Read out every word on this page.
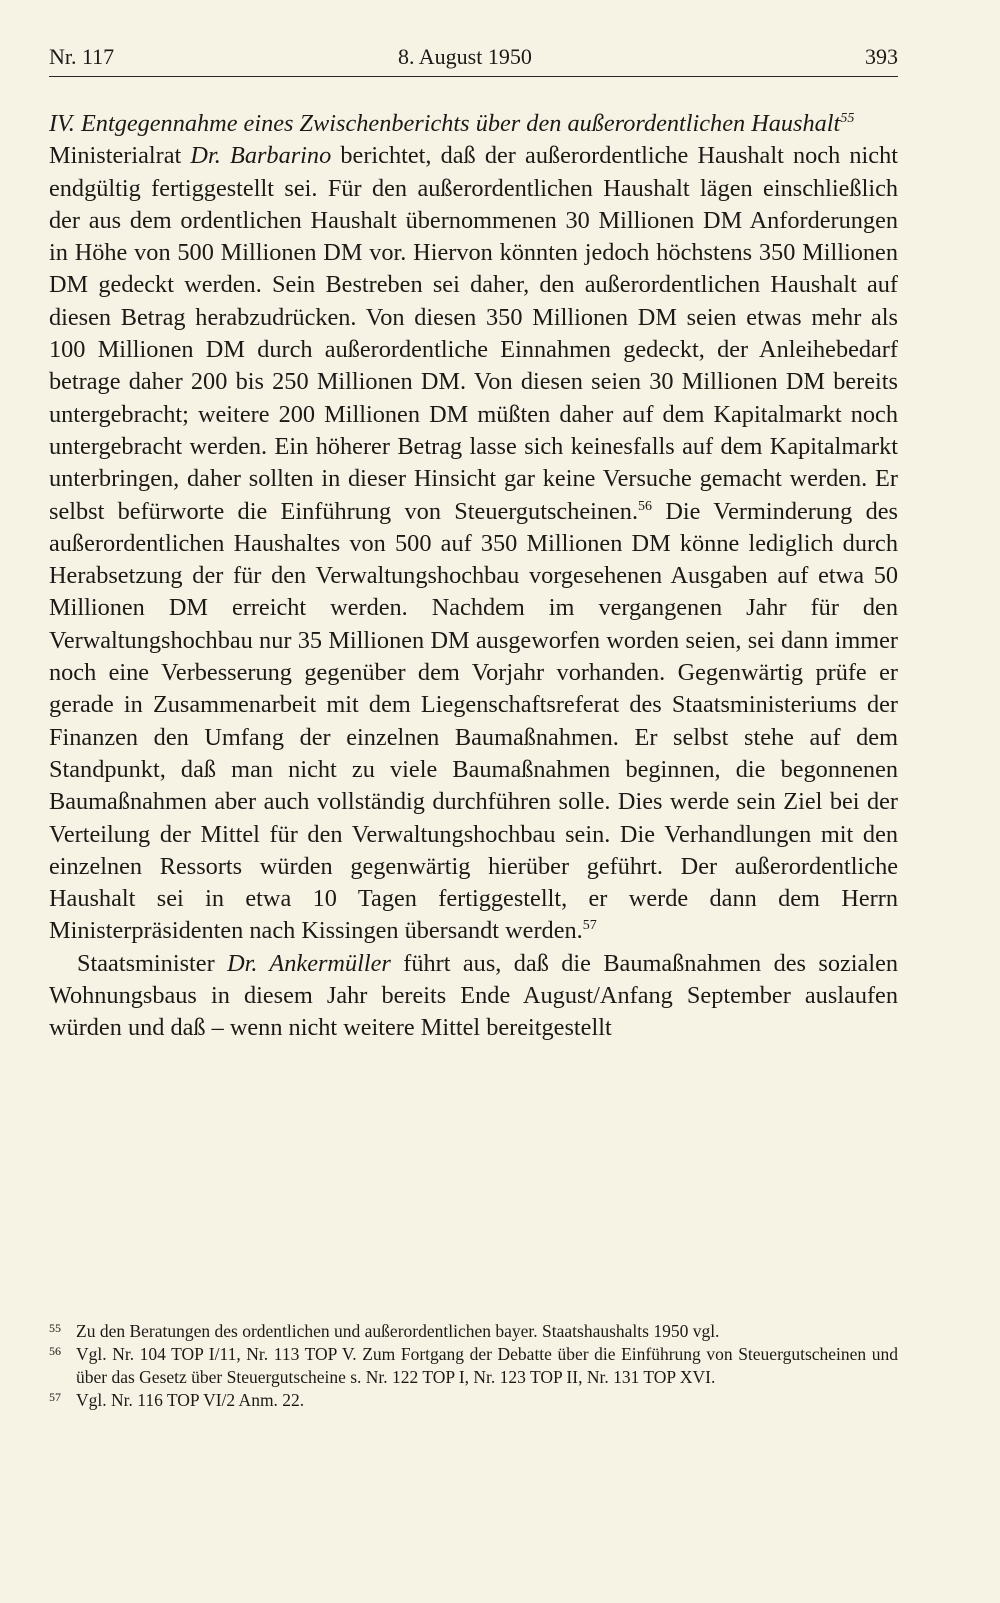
Nr. 117	8. August 1950	393

IV. Entgegennahme eines Zwischenberichts über den außerordentlichen Haushalt$^{55}$

Ministerialrat Dr. Barbarino berichtet, daß der außerordentliche Haushalt noch nicht endgültig fertiggestellt sei. Für den außerordentlichen Haushalt lägen einschließlich der aus dem ordentlichen Haushalt übernommenen 30 Millionen DM Anforderungen in Höhe von 500 Millionen DM vor. Hiervon könnten jedoch höchstens 350 Millionen DM gedeckt werden. Sein Bestreben sei daher, den außerordentlichen Haushalt auf diesen Betrag herabzudrücken. Von diesen 350 Millionen DM seien etwas mehr als 100 Millionen DM durch außerordentliche Einnahmen gedeckt, der Anleihebedarf betrage daher 200 bis 250 Millionen DM. Von diesen seien 30 Millionen DM bereits untergebracht; weitere 200 Millionen DM müßten daher auf dem Kapitalmarkt noch untergebracht werden. Ein höherer Betrag lasse sich keinesfalls auf dem Kapitalmarkt unterbringen, daher sollten in dieser Hinsicht gar keine Versuche gemacht werden. Er selbst befürworte die Einführung von Steuergutscheinen.$^{56}$ Die Verminderung des außerordentlichen Haushaltes von 500 auf 350 Millionen DM könne lediglich durch Herabsetzung der für den Verwaltungshochbau vorgesehenen Ausgaben auf etwa 50 Millionen DM erreicht werden. Nachdem im vergangenen Jahr für den Verwaltungshochbau nur 35 Millionen DM ausgeworfen worden seien, sei dann immer noch eine Verbesserung gegenüber dem Vorjahr vorhanden. Gegenwärtig prüfe er gerade in Zusammenarbeit mit dem Liegenschaftsreferat des Staatsministeriums der Finanzen den Umfang der einzelnen Baumaßnahmen. Er selbst stehe auf dem Standpunkt, daß man nicht zu viele Baumaßnahmen beginnen, die begonnenen Baumaßnahmen aber auch vollständig durchführen solle. Dies werde sein Ziel bei der Verteilung der Mittel für den Verwaltungshochbau sein. Die Verhandlungen mit den einzelnen Ressorts würden gegenwärtig hierüber geführt. Der außerordentliche Haushalt sei in etwa 10 Tagen fertiggestellt, er werde dann dem Herrn Ministerpräsidenten nach Kissingen übersandt werden.$^{57}$

Staatsminister Dr. Ankermüller führt aus, daß die Baumaßnahmen des sozialen Wohnungsbaus in diesem Jahr bereits Ende August/Anfang September auslaufen würden und daß – wenn nicht weitere Mittel bereitgestellt

55 Zu den Beratungen des ordentlichen und außerordentlichen bayer. Staatshaushalts 1950 vgl.

56 Vgl. Nr. 104 TOP I/11, Nr. 113 TOP V. Zum Fortgang der Debatte über die Einführung von Steuergutscheinen und über das Gesetz über Steuergutscheine s. Nr. 122 TOP I, Nr. 123 TOP II, Nr. 131 TOP XVI.

57 Vgl. Nr. 116 TOP VI/2 Anm. 22.
